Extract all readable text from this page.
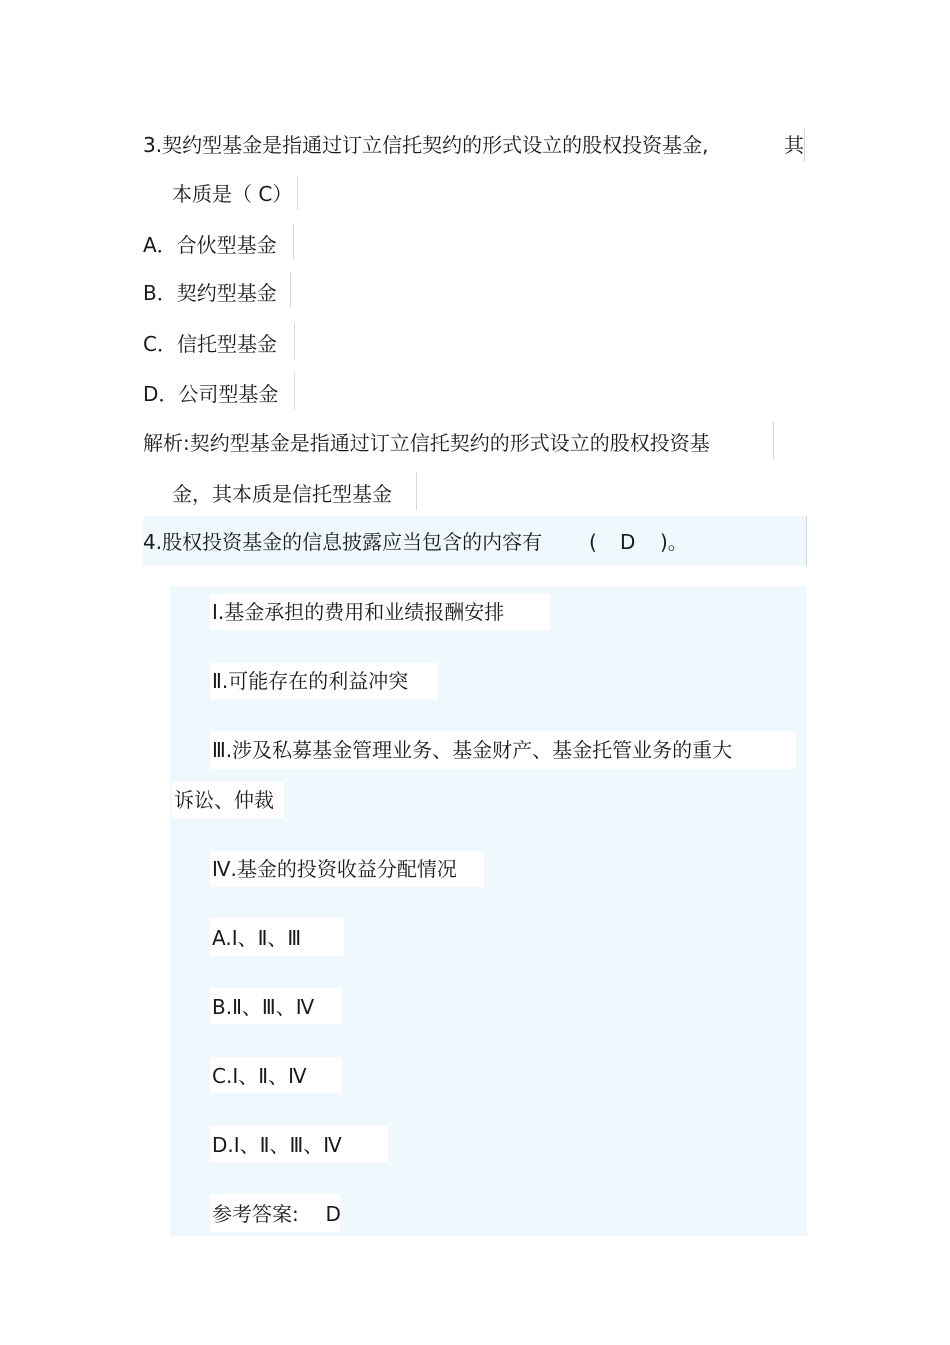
3.契约型基金是指通过订立信托契约的形式设立的股权投资基金,	其
本质是（ C）
A．合伙型基金
B．契约型基金
C．信托型基金
D．公司型基金
解析:契约型基金是指通过订立信托契约的形式设立的股权投资基
金，其本质是信托型基金
4.股权投资基金的信息披露应当包含的内容有 ( D )。
Ⅰ.基金承担的费用和业绩报酬安排
Ⅱ.可能存在的利益冲突
Ⅲ.涉及私募基金管理业务、基金财产、基金托管业务的重大
诉讼、仲裁
Ⅳ.基金的投资收益分配情况
A.Ⅰ、Ⅱ、Ⅲ
B.Ⅱ、Ⅲ、Ⅳ
C.Ⅰ、Ⅱ、Ⅳ
D.Ⅰ、Ⅱ、Ⅲ、Ⅳ
参考答案: D
